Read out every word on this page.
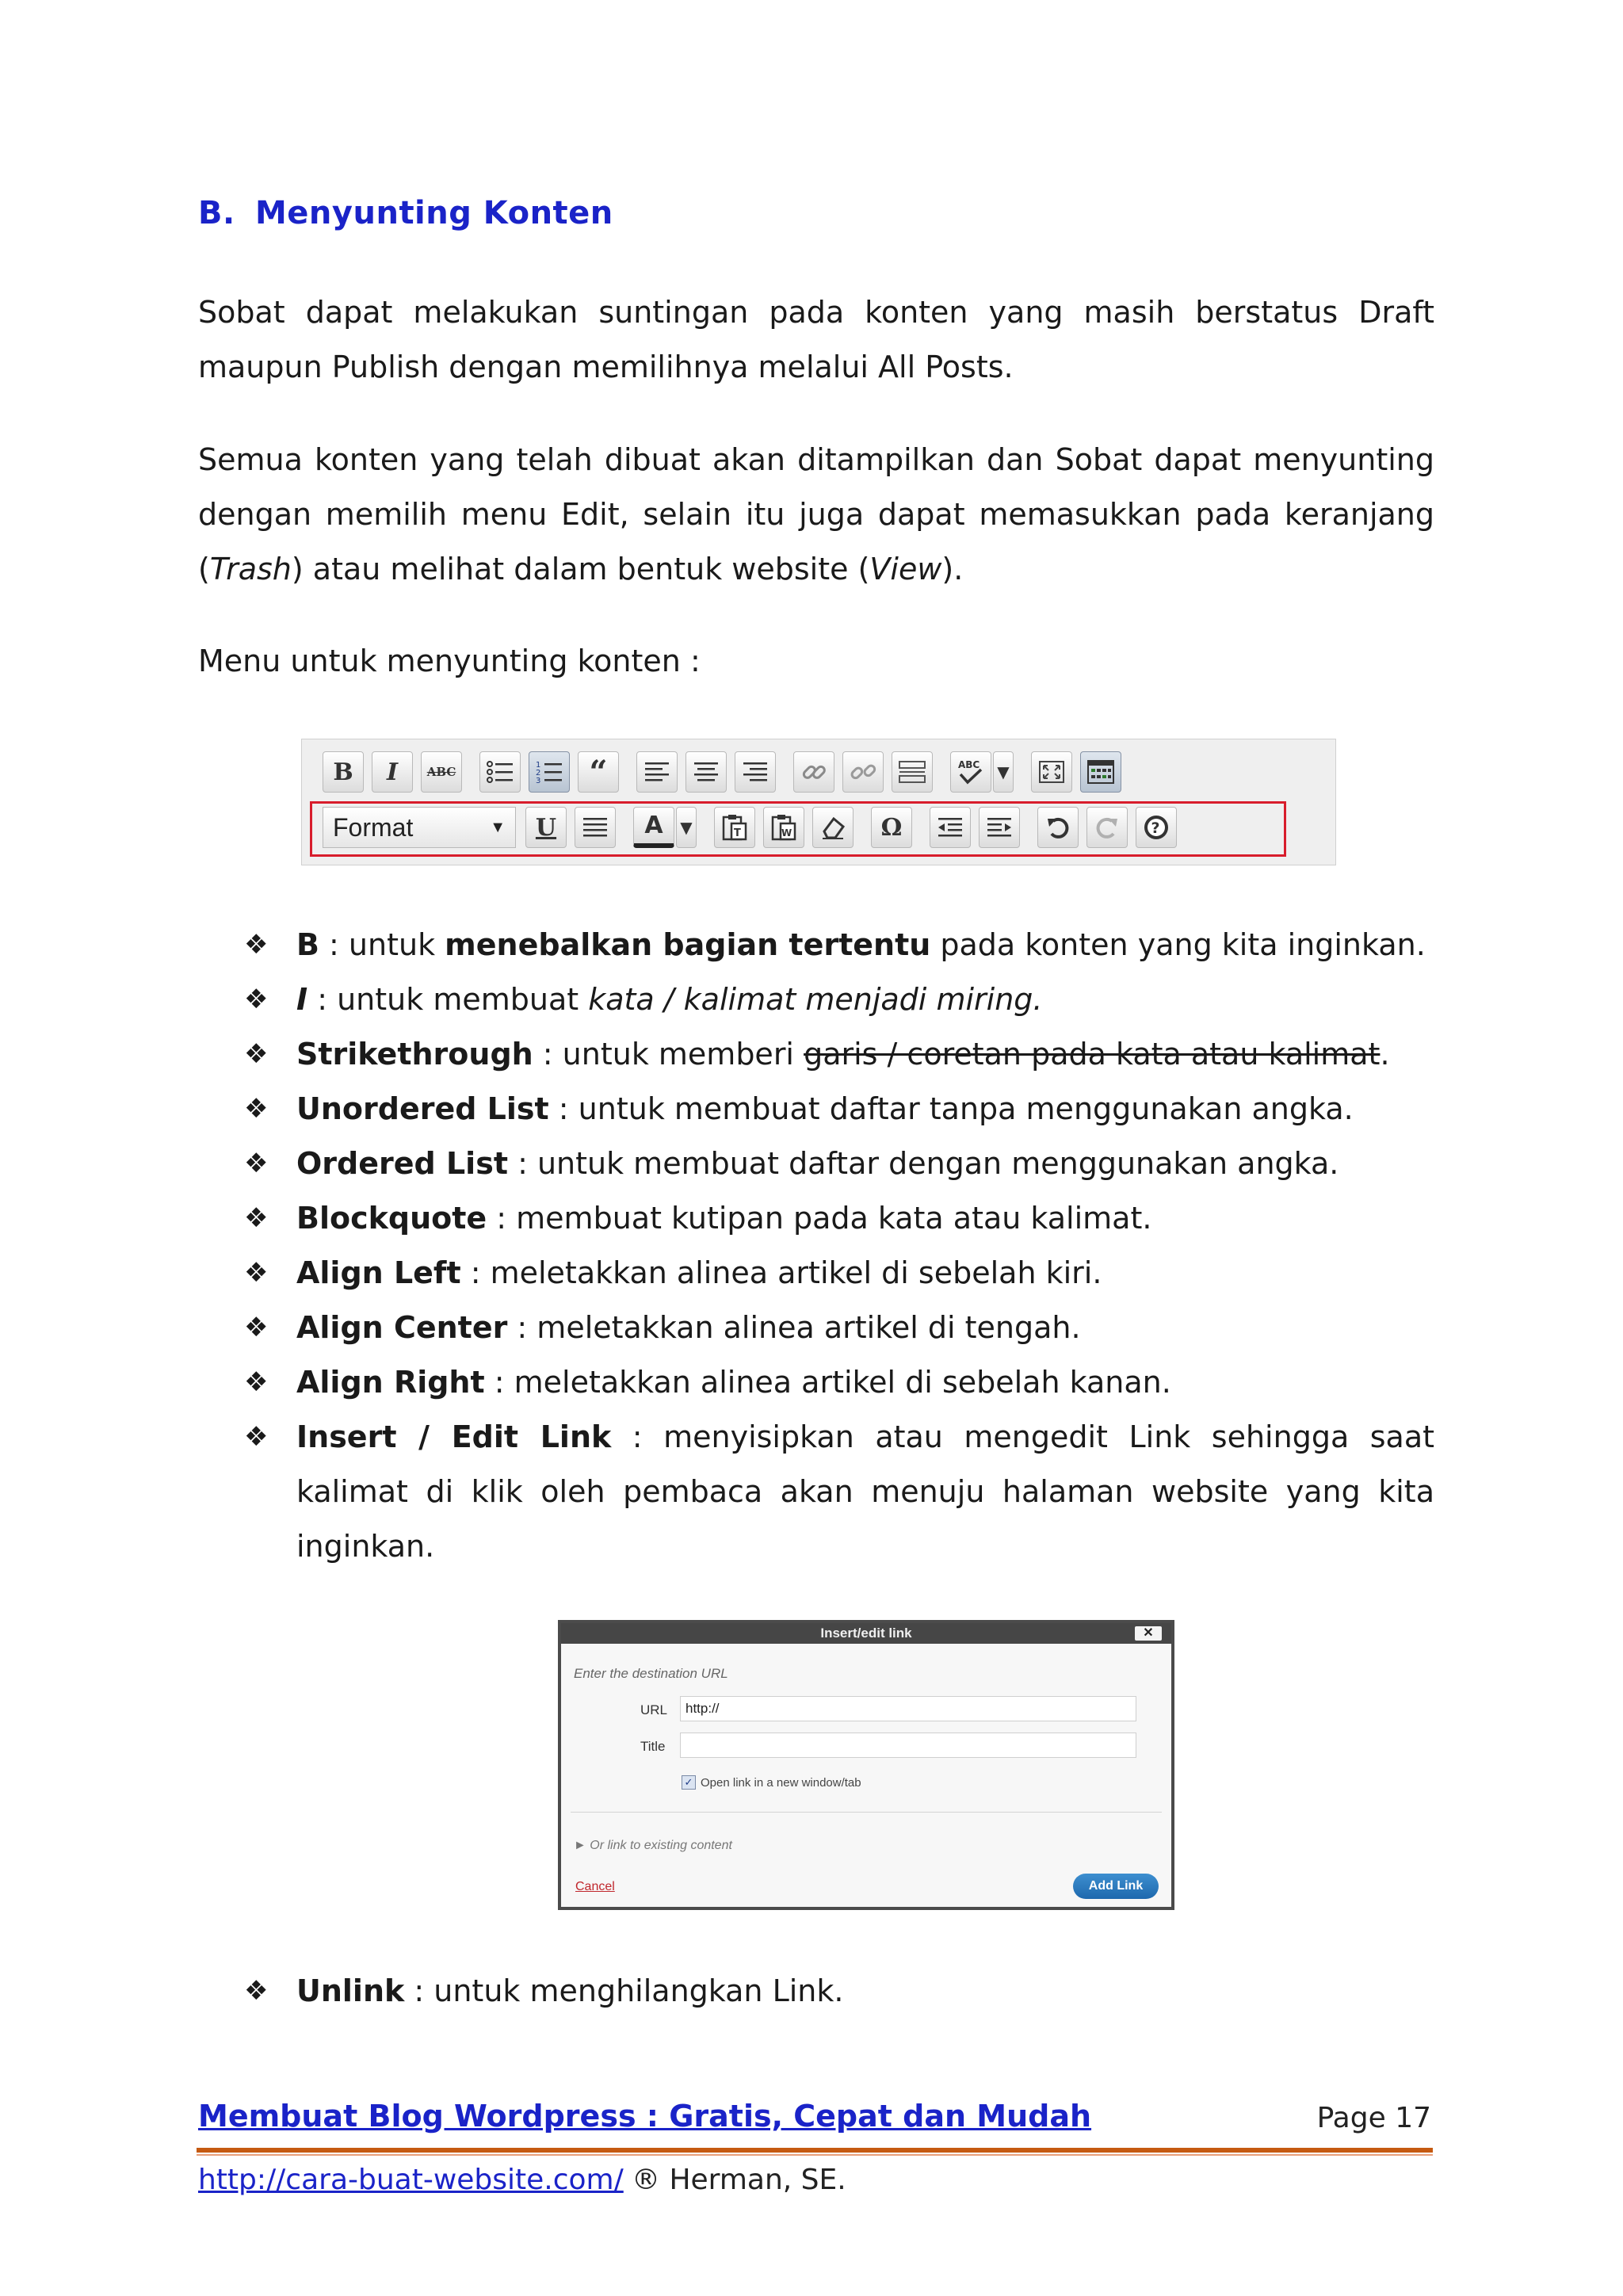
B. Menyunting Konten
Sobat dapat melakukan suntingan pada konten yang masih berstatus Draft
maupun Publish dengan memilihnya melalui All Posts.
Semua konten yang telah dibuat akan ditampilkan dan Sobat dapat menyunting
dengan memilih menu Edit, selain itu juga dapat memasukkan pada keranjang
(Trash) atau melihat dalam bentuk website (View).
Menu untuk menyunting konten :
B	I	ABC	1
2
3	“	ABC ▼
Format	▼	U	A	▼	T	W	Ω	?
❖ B : untuk menebalkan bagian tertentu pada konten yang kita inginkan.
❖ I : untuk membuat kata / kalimat menjadi miring.
❖ Strikethrough : untuk memberi garis / coretan pada kata atau kalimat.
❖ Unordered List : untuk membuat daftar tanpa menggunakan angka.
❖ Ordered List : untuk membuat daftar dengan menggunakan angka.
❖ Blockquote : membuat kutipan pada kata atau kalimat.
❖ Align Left : meletakkan alinea artikel di sebelah kiri.
❖ Align Center : meletakkan alinea artikel di tengah.
❖ Align Right : meletakkan alinea artikel di sebelah kanan.
❖ Insert / Edit Link : menyisipkan atau mengedit Link sehingga saat
kalimat di klik oleh pembaca akan menuju halaman website yang kita
inginkan.
Insert/edit link	✕
Enter the destination URL
URL	http://
Title
✓ Open link in a new window/tab
► Or link to existing content
Cancel	Add Link
❖ Unlink : untuk menghilangkan Link.
Membuat Blog Wordpress : Gratis, Cepat dan Mudah	Page 17
http://cara-buat-website.com/ ® Herman, SE.
